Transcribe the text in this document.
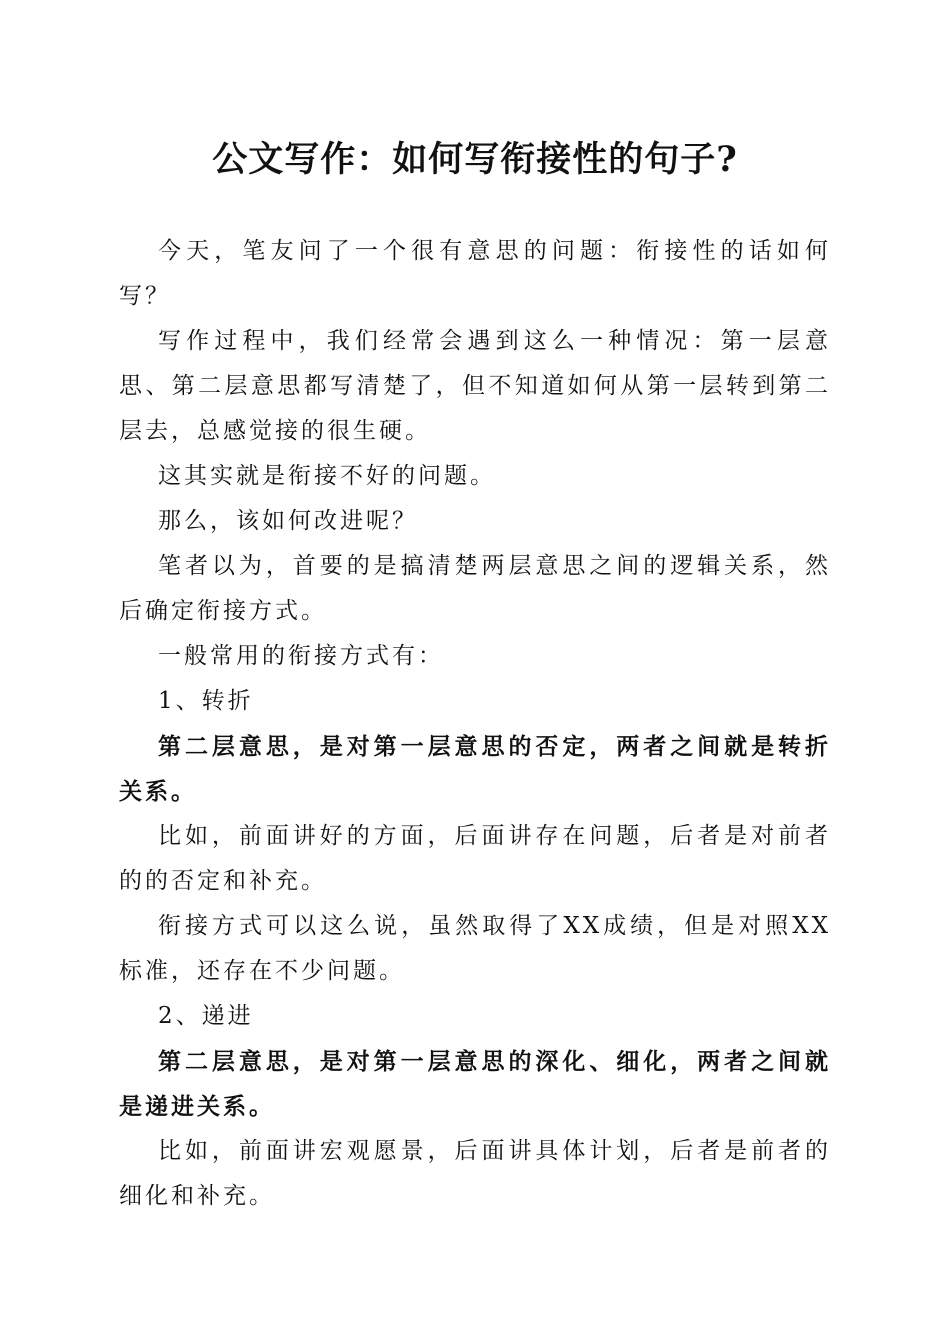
公文写作：如何写衔接性的句子?

今天，笔友问了一个很有意思的问题：衔接性的话如何写？

写作过程中，我们经常会遇到这么一种情况：第一层意思、第二层意思都写清楚了，但不知道如何从第一层转到第二层去，总感觉接的很生硬。

这其实就是衔接不好的问题。

那么，该如何改进呢？

笔者以为，首要的是搞清楚两层意思之间的逻辑关系，然后确定衔接方式。

一般常用的衔接方式有：

1、转折

第二层意思，是对第一层意思的否定，两者之间就是转折关系。

比如，前面讲好的方面，后面讲存在问题，后者是对前者的的否定和补充。

衔接方式可以这么说，虽然取得了XX成绩，但是对照XX标准，还存在不少问题。

2、递进

第二层意思，是对第一层意思的深化、细化，两者之间就是递进关系。

比如，前面讲宏观愿景，后面讲具体计划，后者是前者的细化和补充。
